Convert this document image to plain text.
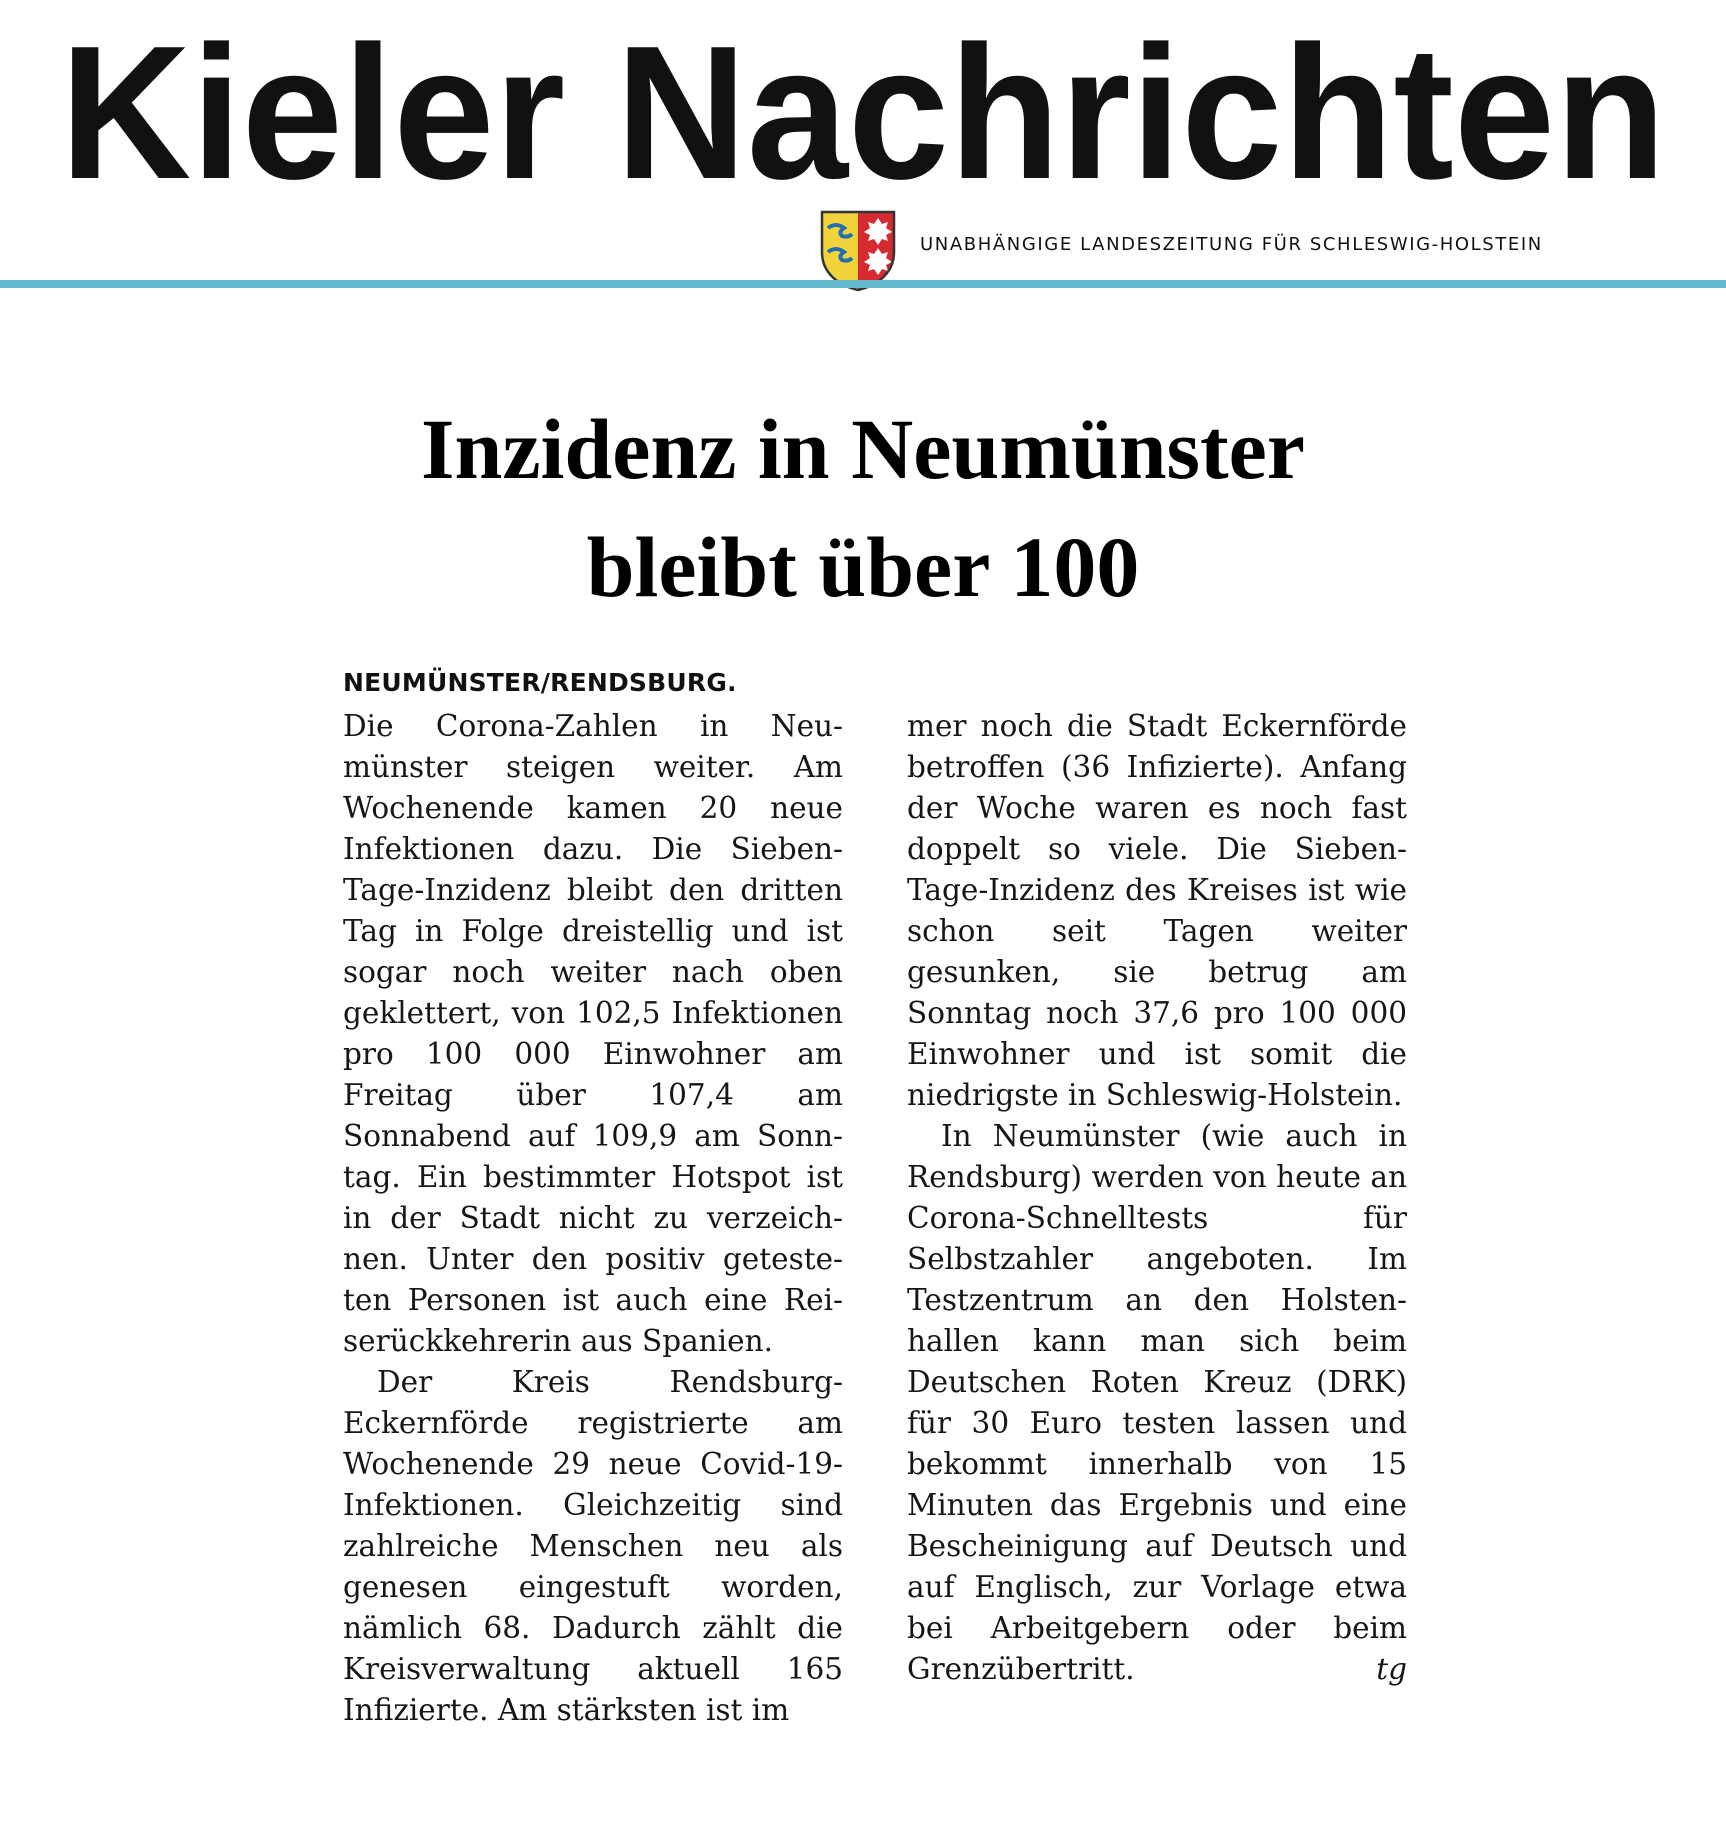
Kieler Nachrichten
UNABHÄNGIGE LANDESZEITUNG FÜR SCHLESWIG-HOLSTEIN
Inzidenz in Neumünster
bleibt über 100
NEUMÜNSTER/RENDSBURG.

Die Corona-Zahlen in Neumünster steigen weiter. Am Wochenende kamen 20 neue Infektionen dazu. Die Sieben-Tage-Inzidenz bleibt den dritten Tag in Folge dreistellig und ist sogar noch weiter nach oben geklettert, von 102,5 Infektionen pro 100 000 Einwohner am Freitag über 107,4 am Sonnabend auf 109,9 am Sonntag. Ein bestimmter Hotspot ist in der Stadt nicht zu verzeichnen. Unter den positiv getesteten Personen ist auch eine Reiserückkehrerin aus Spanien.

Der Kreis Rendsburg-Eckernförde registrierte am Wochenende 29 neue Covid-19-Infektionen. Gleichzeitig sind zahlreiche Menschen neu als genesen eingestuft worden, nämlich 68. Dadurch zählt die Kreisverwaltung aktuell 165 Infizierte. Am stärksten ist im

mer noch die Stadt Eckernförde betroffen (36 Infizierte). Anfang der Woche waren es noch fast doppelt so viele. Die Sieben-Tage-Inzidenz des Kreises ist wie schon seit Tagen weiter gesunken, sie betrug am Sonntag noch 37,6 pro 100 000 Einwohner und ist somit die niedrigste in Schleswig-Holstein.

In Neumünster (wie auch in Rendsburg) werden von heute an Corona-Schnelltests für Selbstzahler angeboten. Im Testzentrum an den Holstenhallen kann man sich beim Deutschen Roten Kreuz (DRK) für 30 Euro testen lassen und bekommt innerhalb von 15 Minuten das Ergebnis und eine Bescheinigung auf Deutsch und auf Englisch, zur Vorlage etwa bei Arbeitgebern oder beim Grenzübertritt.	tg
